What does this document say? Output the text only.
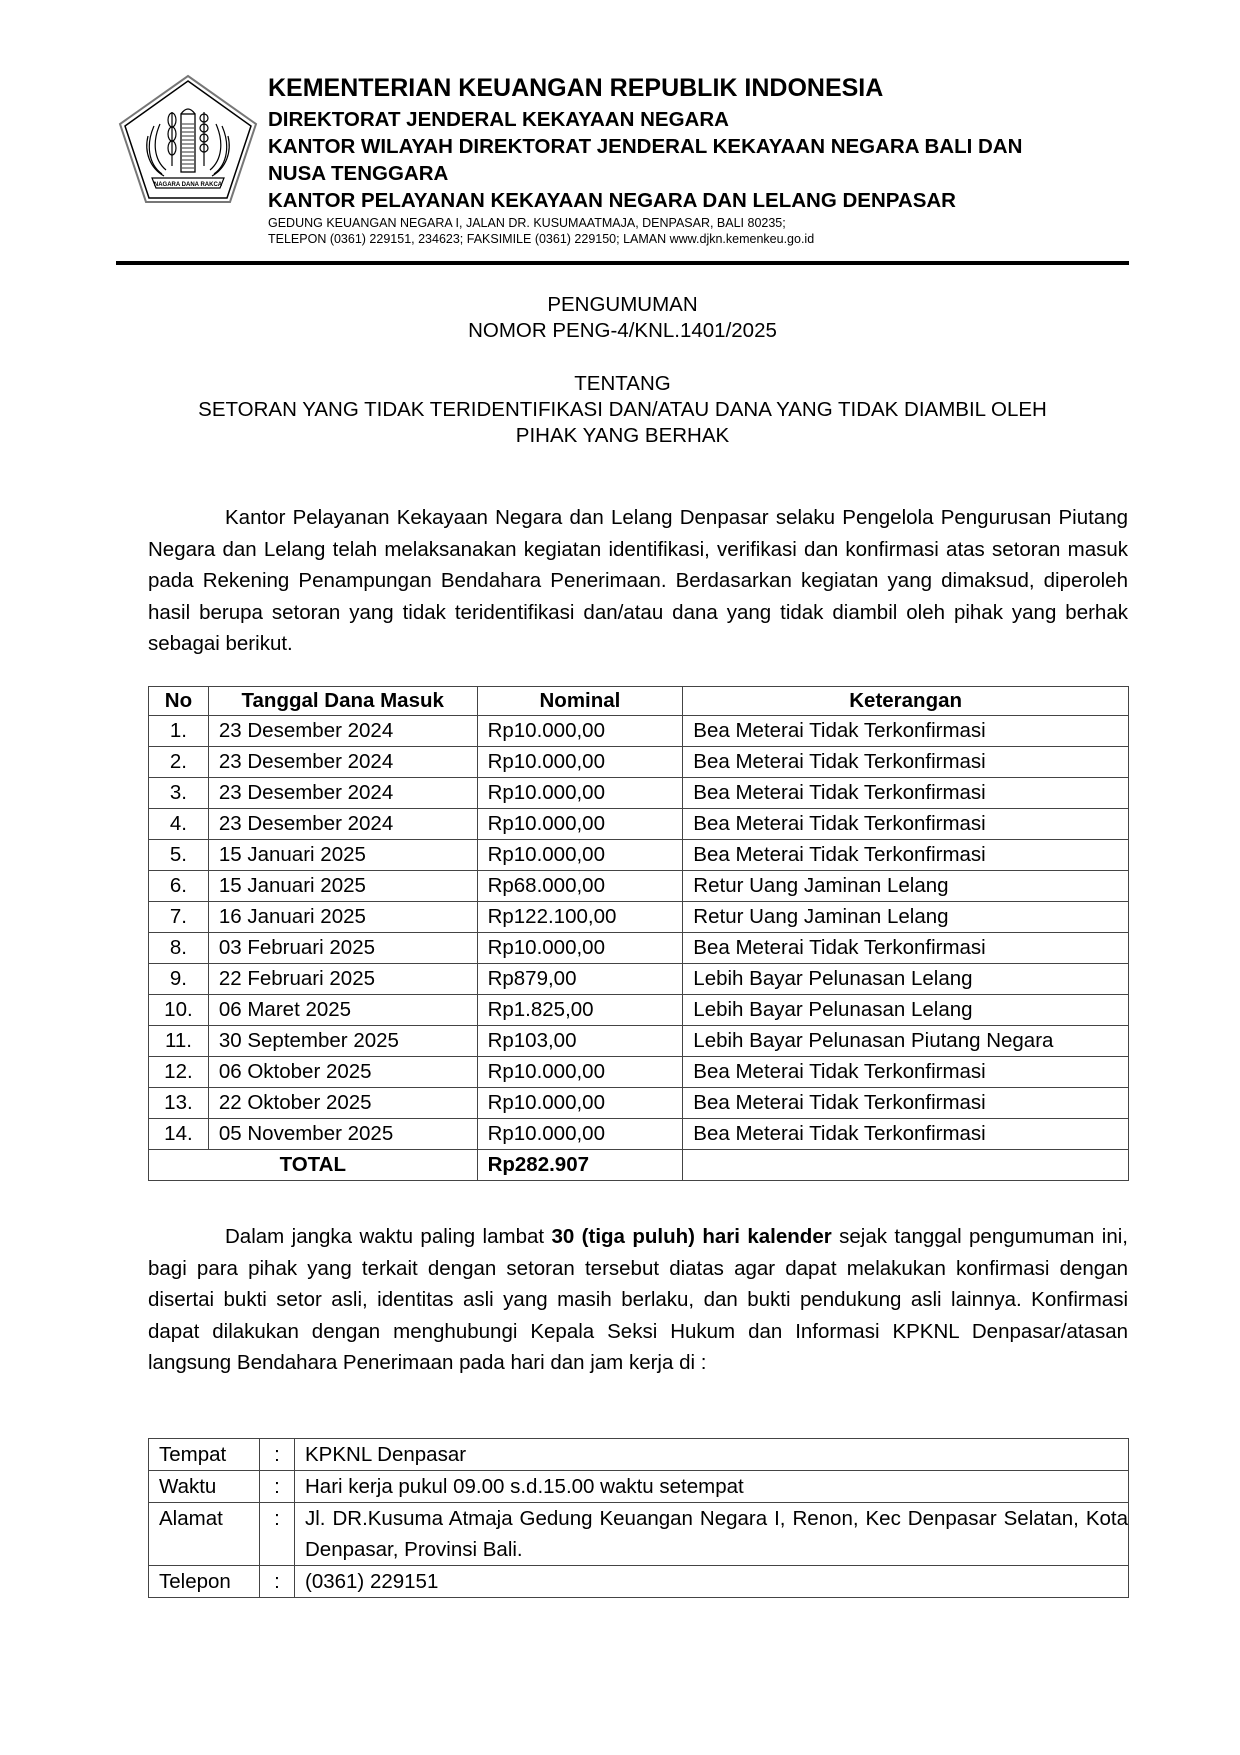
NAGARA DANA RAKCA
KEMENTERIAN KEUANGAN REPUBLIK INDONESIA
DIREKTORAT JENDERAL KEKAYAAN NEGARA
KANTOR WILAYAH DIREKTORAT JENDERAL KEKAYAAN NEGARA BALI DAN
NUSA TENGGARA
KANTOR PELAYANAN KEKAYAAN NEGARA DAN LELANG DENPASAR
GEDUNG KEUANGAN NEGARA I, JALAN DR. KUSUMAATMAJA, DENPASAR, BALI 80235;
TELEPON (0361) 229151, 234623; FAKSIMILE (0361) 229150; LAMAN www.djkn.kemenkeu.go.id
PENGUMUMAN
NOMOR PENG-4/KNL.1401/2025
TENTANG
SETORAN YANG TIDAK TERIDENTIFIKASI DAN/ATAU DANA YANG TIDAK DIAMBIL OLEH
PIHAK YANG BERHAK
Kantor Pelayanan Kekayaan Negara dan Lelang Denpasar selaku Pengelola Pengurusan Piutang Negara dan Lelang telah melaksanakan kegiatan identifikasi, verifikasi dan konfirmasi atas setoran masuk pada Rekening Penampungan Bendahara Penerimaan. Berdasarkan kegiatan yang dimaksud, diperoleh hasil berupa setoran yang tidak teridentifikasi dan/atau dana yang tidak diambil oleh pihak yang berhak sebagai berikut.
No	Tanggal Dana Masuk	Nominal	Keterangan
1.	23 Desember 2024	Rp10.000,00	Bea Meterai Tidak Terkonfirmasi
2.	23 Desember 2024	Rp10.000,00	Bea Meterai Tidak Terkonfirmasi
3.	23 Desember 2024	Rp10.000,00	Bea Meterai Tidak Terkonfirmasi
4.	23 Desember 2024	Rp10.000,00	Bea Meterai Tidak Terkonfirmasi
5.	15 Januari 2025	Rp10.000,00	Bea Meterai Tidak Terkonfirmasi
6.	15 Januari 2025	Rp68.000,00	Retur Uang Jaminan Lelang
7.	16 Januari 2025	Rp122.100,00	Retur Uang Jaminan Lelang
8.	03 Februari 2025	Rp10.000,00	Bea Meterai Tidak Terkonfirmasi
9.	22 Februari 2025	Rp879,00	Lebih Bayar Pelunasan Lelang
10.	06 Maret 2025	Rp1.825,00	Lebih Bayar Pelunasan Lelang
11.	30 September 2025	Rp103,00	Lebih Bayar Pelunasan Piutang Negara
12.	06 Oktober 2025	Rp10.000,00	Bea Meterai Tidak Terkonfirmasi
13.	22 Oktober 2025	Rp10.000,00	Bea Meterai Tidak Terkonfirmasi
14.	05 November 2025	Rp10.000,00	Bea Meterai Tidak Terkonfirmasi
TOTAL		Rp282.907	
Dalam jangka waktu paling lambat 30 (tiga puluh) hari kalender sejak tanggal pengumuman ini, bagi para pihak yang terkait dengan setoran tersebut diatas agar dapat melakukan konfirmasi dengan disertai bukti setor asli, identitas asli yang masih berlaku, dan bukti pendukung asli lainnya. Konfirmasi dapat dilakukan dengan menghubungi Kepala Seksi Hukum dan Informasi KPKNL Denpasar/atasan langsung Bendahara Penerimaan pada hari dan jam kerja di :
Tempat	:	KPKNL Denpasar
Waktu	:	Hari kerja pukul 09.00 s.d.15.00 waktu setempat
Alamat	:	Jl. DR.Kusuma Atmaja Gedung Keuangan Negara I, Renon, Kec Denpasar Selatan, Kota Denpasar, Provinsi Bali.
Telepon	:	(0361) 229151
